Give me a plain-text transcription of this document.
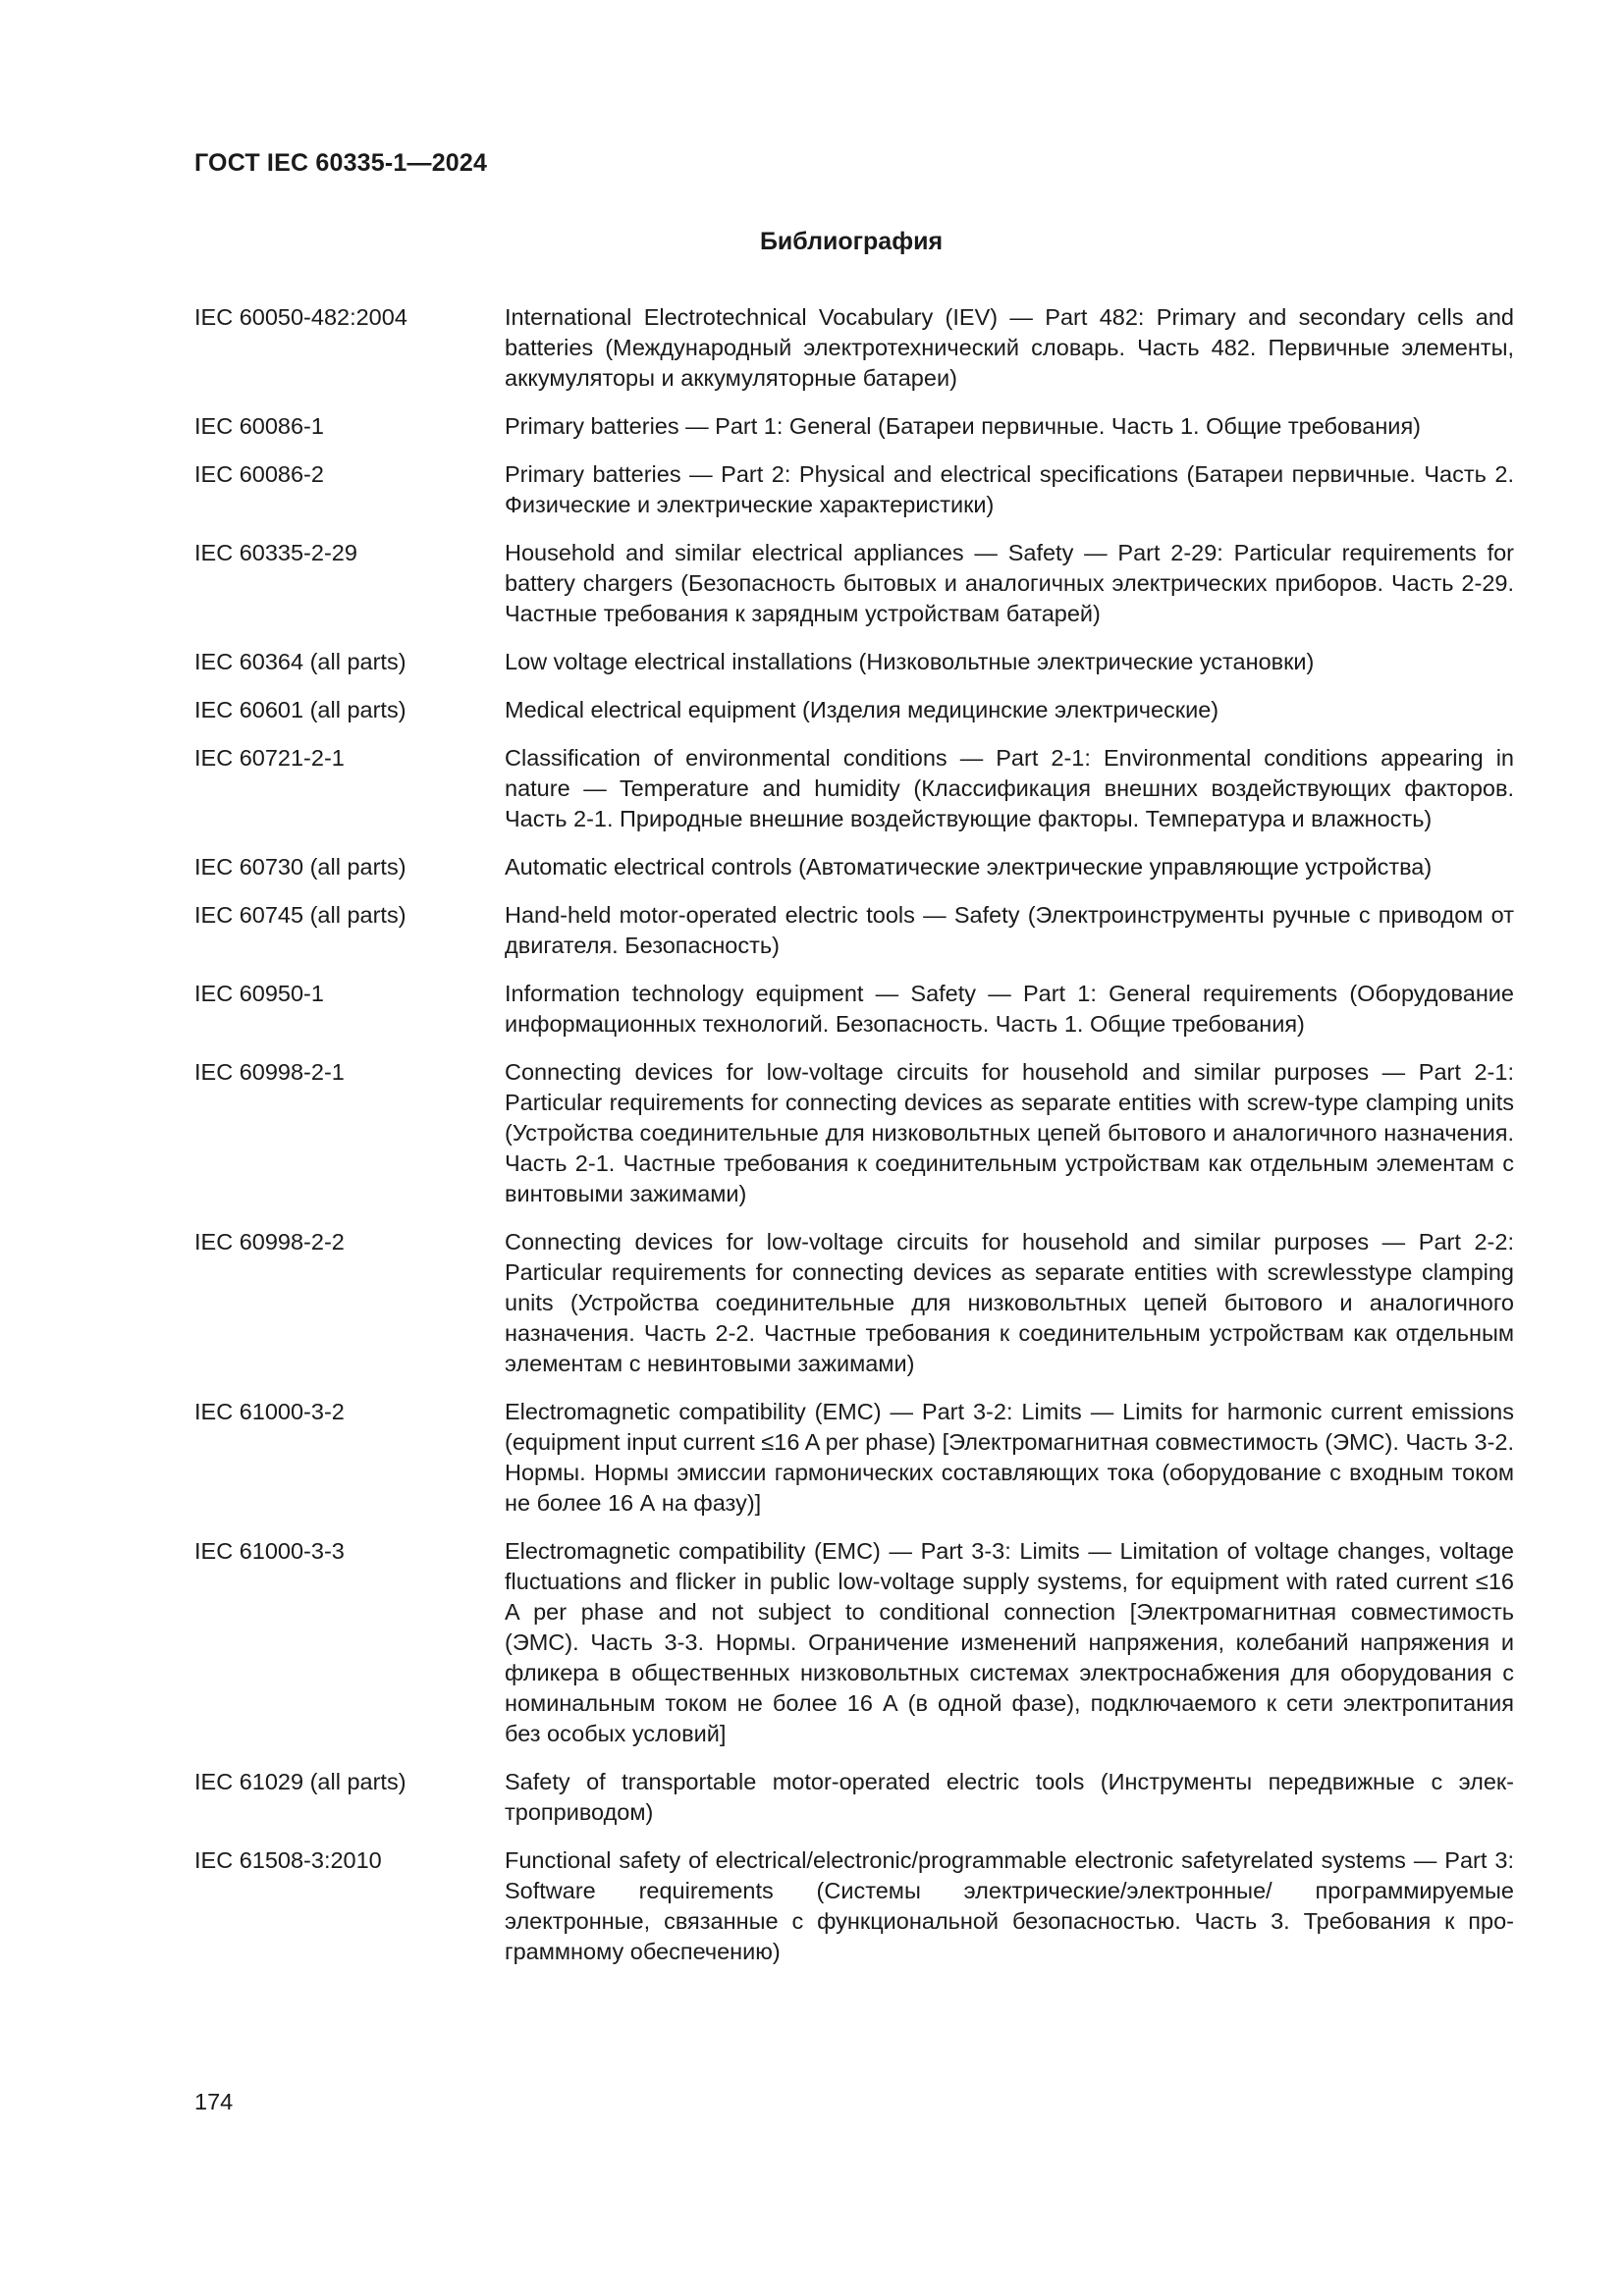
ГОСТ IEC 60335-1—2024
Библиография
IEC 60050-482:2004	International Electrotechnical Vocabulary (IEV) — Part 482: Primary and secondary cells and batteries (Международный электротехнический словарь. Часть 482. Первичные элементы, аккумуляторы и аккумуляторные батареи)
IEC 60086-1	Primary batteries — Part 1: General (Батареи первичные. Часть 1. Общие требования)
IEC 60086-2	Primary batteries — Part 2: Physical and electrical specifications (Батареи первичные. Часть 2. Физические и электрические характеристики)
IEC 60335-2-29	Household and similar electrical appliances — Safety — Part 2-29: Particular requirements for battery chargers (Безопасность бытовых и аналогичных электрических приборов. Часть 2-29. Частные требования к зарядным устройствам батарей)
IEC 60364 (all parts)	Low voltage electrical installations (Низковольтные электрические установки)
IEC 60601 (all parts)	Medical electrical equipment (Изделия медицинские электрические)
IEC 60721-2-1	Classification of environmental conditions — Part 2-1: Environmental conditions appearing in nature — Temperature and humidity (Классификация внешних воздействующих факторов. Часть 2-1. Природные внешние воздействующие факторы. Температура и влажность)
IEC 60730 (all parts)	Automatic electrical controls (Автоматические электрические управляющие устройства)
IEC 60745 (all parts)	Hand-held motor-operated electric tools — Safety (Электроинструменты ручные с приводом от двигателя. Безопасность)
IEC 60950-1	Information technology equipment — Safety — Part 1: General requirements (Оборудование информационных технологий. Безопасность. Часть 1. Общие требования)
IEC 60998-2-1	Connecting devices for low-voltage circuits for household and similar purposes — Part 2-1: Particular requirements for connecting devices as separate entities with screw-type clamping units (Устройства соединительные для низковольтных цепей бытового и аналогичного назначения. Часть 2-1. Частные требования к соединительным устройствам как отдельным элементам с винтовыми зажимами)
IEC 60998-2-2	Connecting devices for low-voltage circuits for household and similar purposes — Part 2-2: Particular requirements for connecting devices as separate entities with screwlesstype clamping units (Устройства соединительные для низковольтных цепей бытового и аналогичного назначения. Часть 2-2. Частные требования к соединительным устройствам как отдельным элементам с невинтовыми зажимами)
IEC 61000-3-2	Electromagnetic compatibility (EMC) — Part 3-2: Limits — Limits for harmonic current emissions (equipment input current ≤16 A per phase) [Электромагнитная совместимость (ЭМС). Часть 3-2. Нормы. Нормы эмиссии гармонических составляющих тока (оборудование с входным током не более 16 А на фазу)]
IEC 61000-3-3	Electromagnetic compatibility (EMC) — Part 3-3: Limits — Limitation of voltage changes, voltage fluctuations and flicker in public low-voltage supply systems, for equipment with rated current ≤16 A per phase and not subject to conditional connection [Электромагнитная совместимость (ЭМС). Часть 3-3. Нормы. Ограничение изменений напряжения, колебаний напряжения и фликера в общественных низковольтных системах электроснабжения для оборудования с номинальным током не более 16 А (в одной фазе), подключаемого к сети электропитания без особых условий]
IEC 61029 (all parts)	Safety of transportable motor-operated electric tools (Инструменты передвижные с электроприводом)
IEC 61508-3:2010	Functional safety of electrical/electronic/programmable electronic safetyrelated systems — Part 3: Software requirements (Системы электрические/электронные/ программируемые электронные, связанные с функциональной безопасностью. Часть 3. Требования к программному обеспечению)
174
